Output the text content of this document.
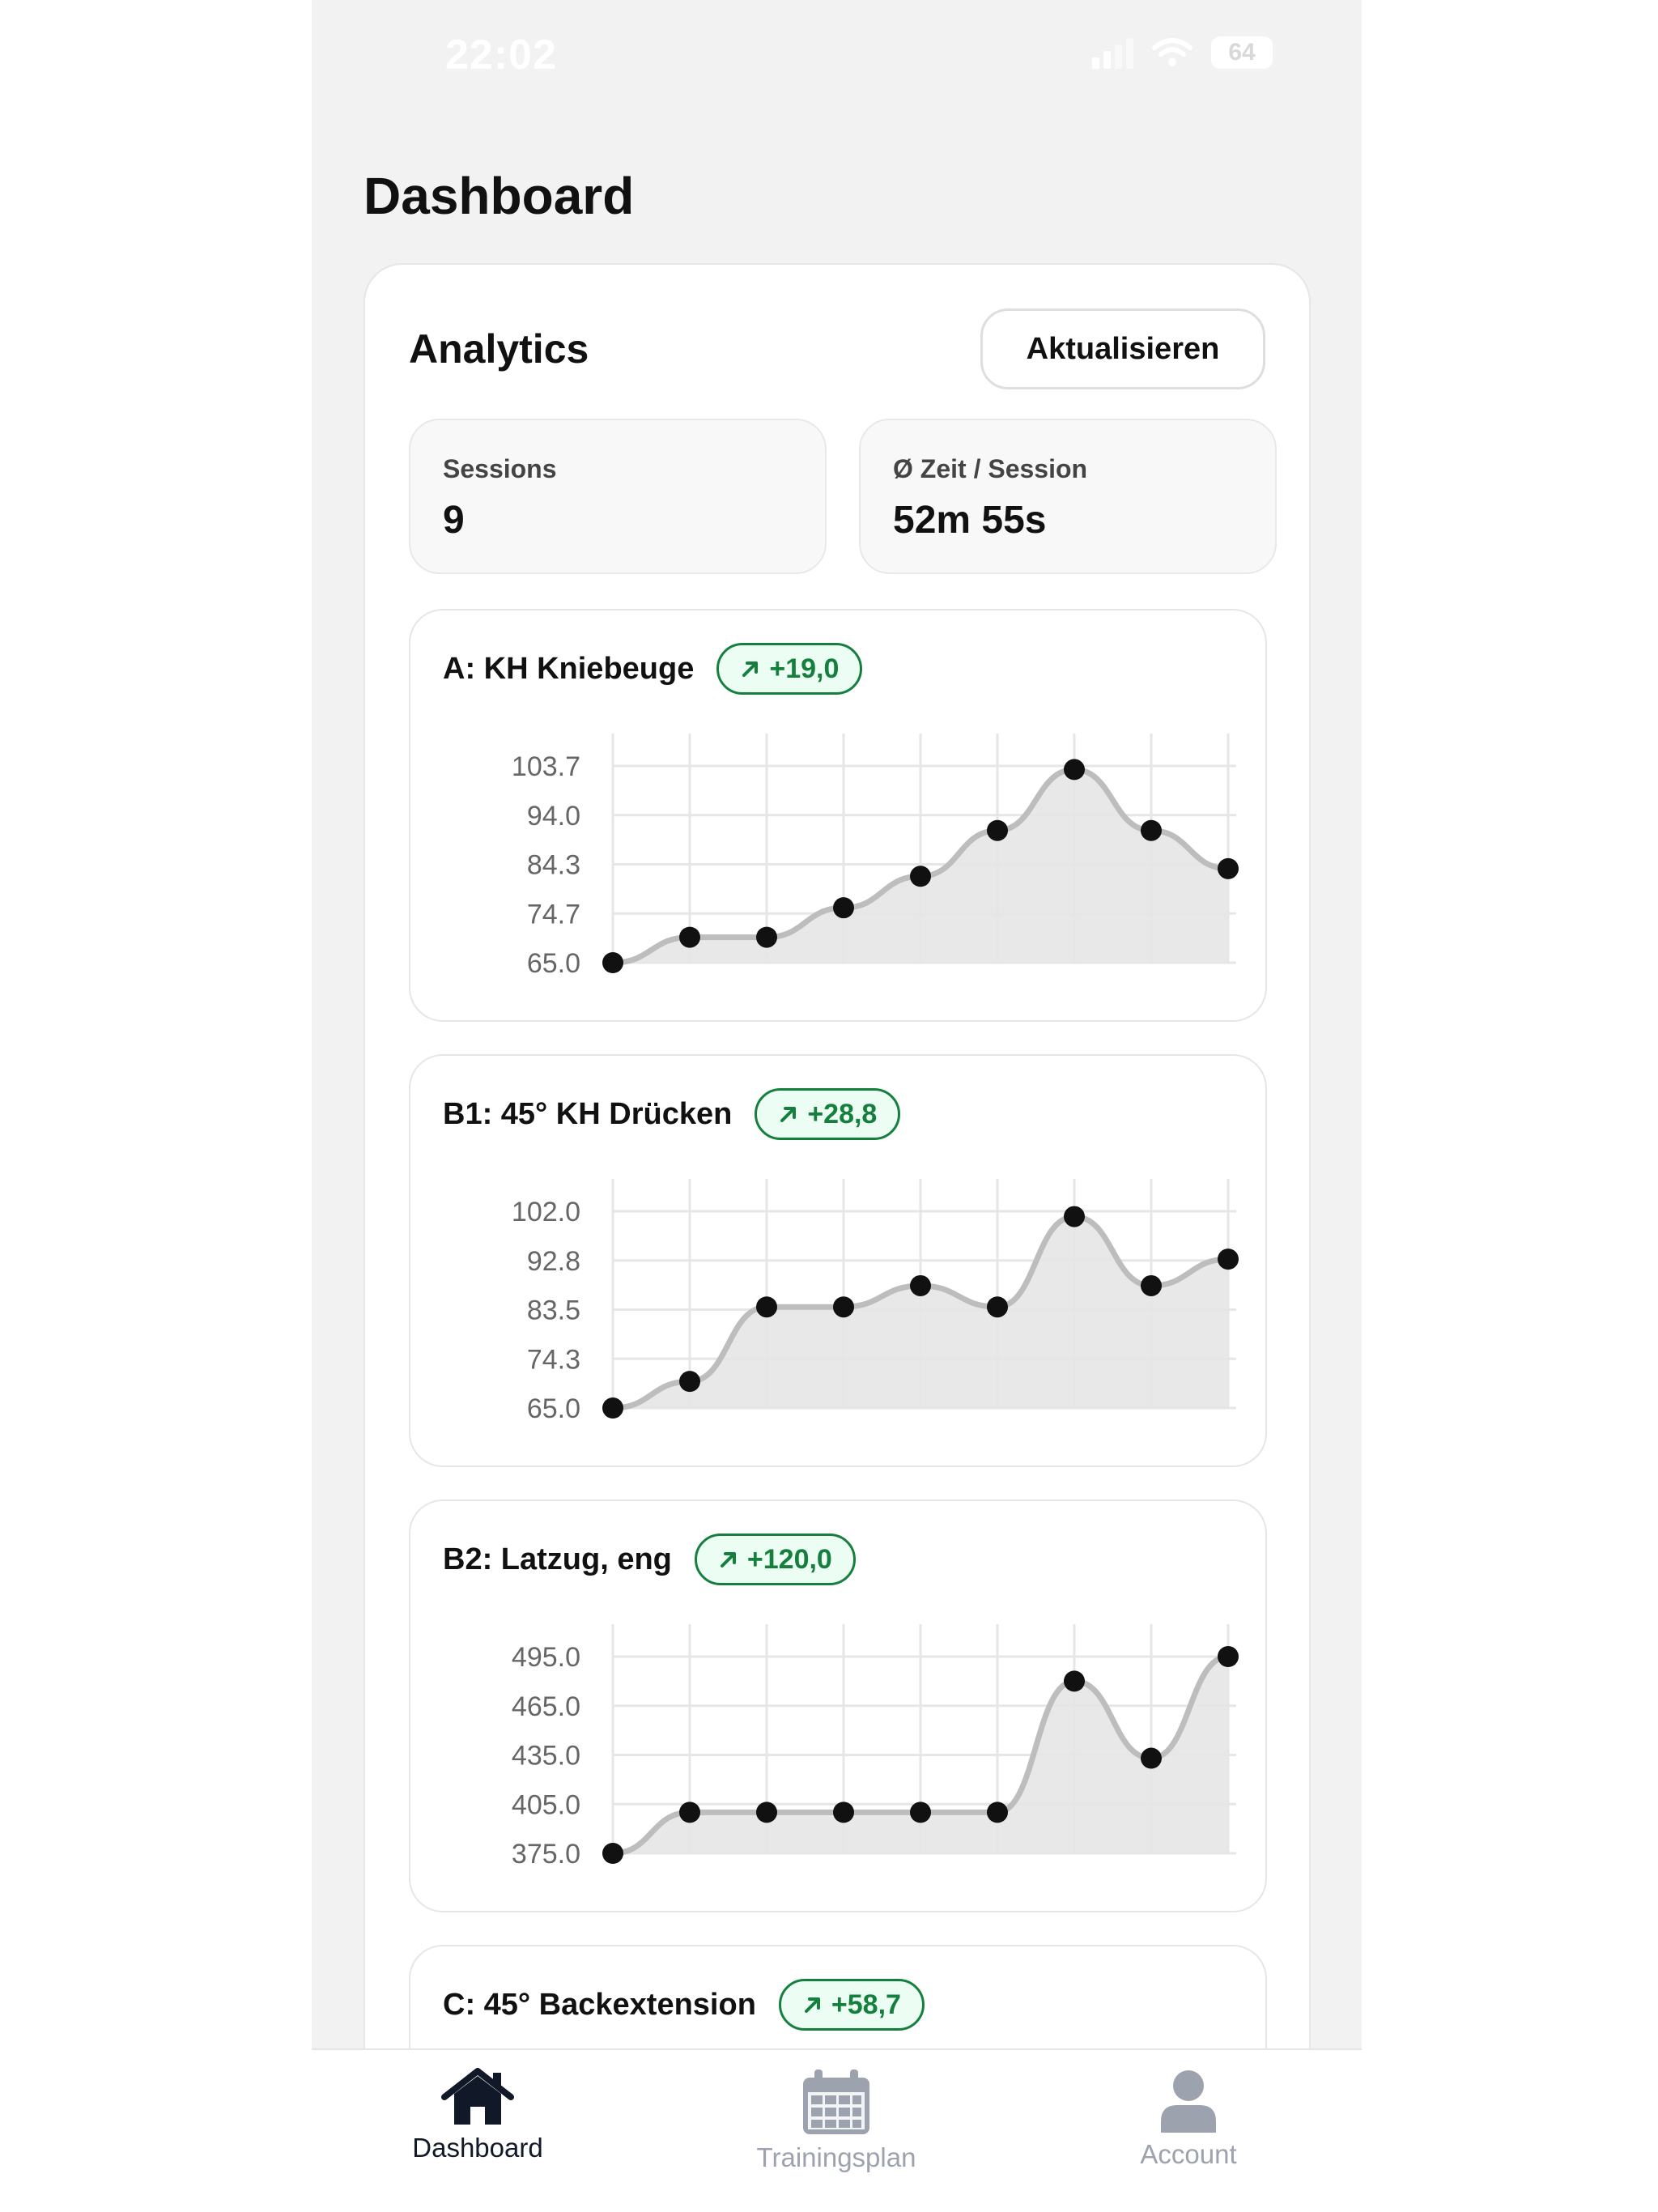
22:02	64
Dashboard
Analytics	Aktualisieren
Sessions
9
Ø Zeit / Session
52m 55s
A: KH Kniebeuge	+19,0
103.7
94.0
84.3
74.7
65.0
B1: 45° KH Drücken	+28,8
102.0
92.8
83.5
74.3
65.0
B2: Latzug, eng	+120,0
495.0
465.0
435.0
405.0
375.0
C: 45° Backextension	+58,7
Dashboard	Trainingsplan	Account
